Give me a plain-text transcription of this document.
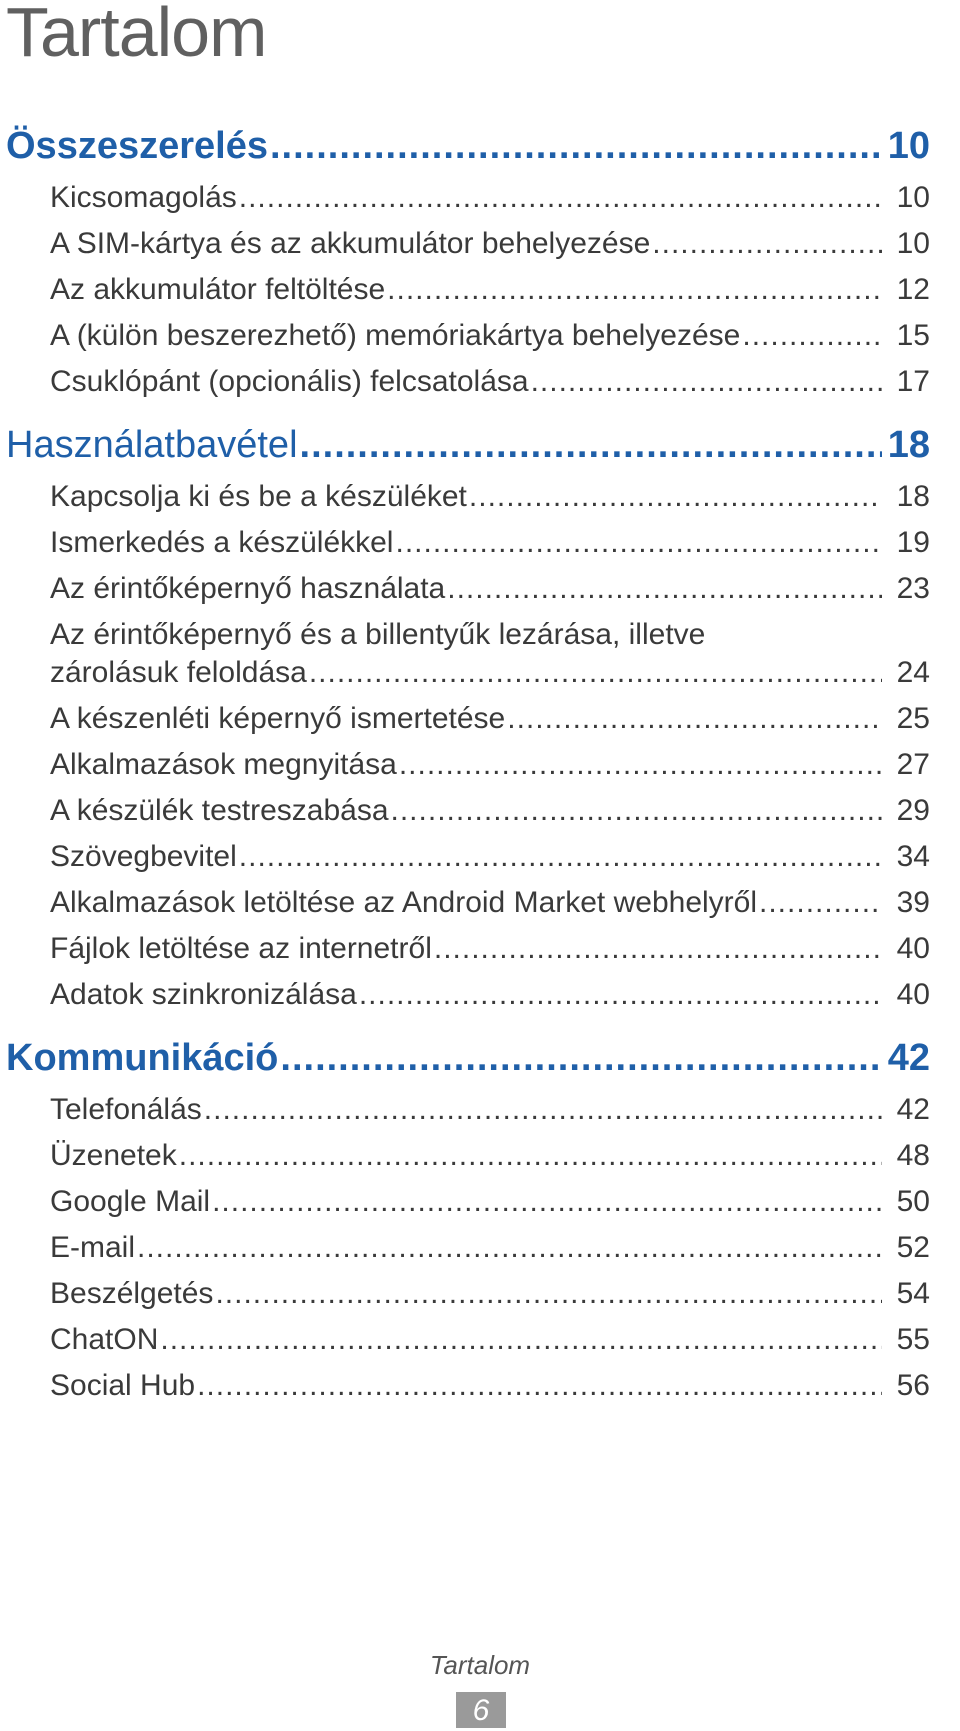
Tartalom
Összeszerelés .....	10
Kicsomagolás .....	10
A SIM-kártya és az akkumulátor behelyezése .....	10
Az akkumulátor feltöltése .....	12
A (külön beszerezhető) memóriakártya behelyezése .....	15
Csuklópánt (opcionális) felcsatolása .....	17
Használatbavétel .....	18
Kapcsolja ki és be a készüléket .....	18
Ismerkedés a készülékkel .....	19
Az érintőképernyő használata .....	23
Az érintőképernyő és a billentyűk lezárása, illetve
zárolásuk feloldása .....	24
A készenléti képernyő ismertetése .....	25
Alkalmazások megnyitása .....	27
A készülék testreszabása .....	29
Szövegbevitel .....	34
Alkalmazások letöltése az Android Market webhelyről .....	39
Fájlok letöltése az internetről .....	40
Adatok szinkronizálása .....	40
Kommunikáció .....	42
Telefonálás .....	42
Üzenetek .....	48
Google Mail .....	50
E-mail .....	52
Beszélgetés .....	54
ChatON .....	55
Social Hub .....	56
Tartalom
6
